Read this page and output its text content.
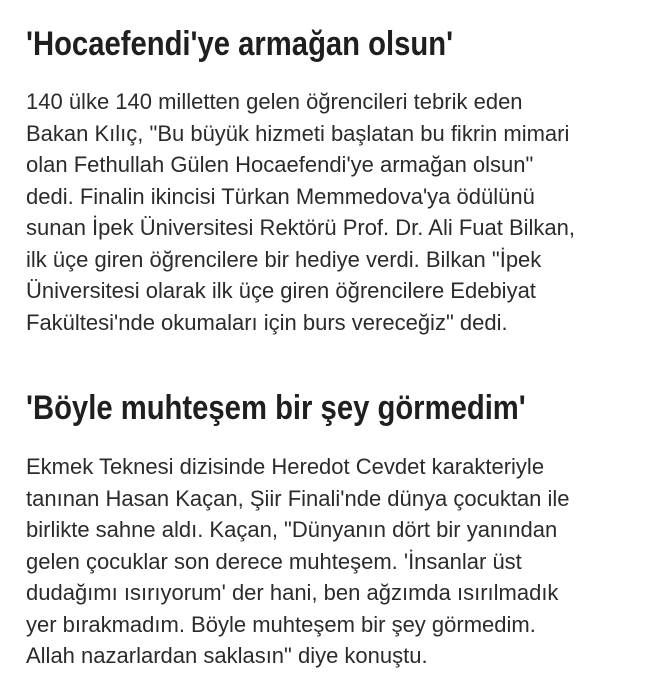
'Hocaefendi'ye armağan olsun'

140 ülke 140 milletten gelen öğrencileri tebrik eden
Bakan Kılıç, "Bu büyük hizmeti başlatan bu fikrin mimari
olan Fethullah Gülen Hocaefendi'ye armağan olsun"
dedi. Finalin ikincisi Türkan Memmedova'ya ödülünü
sunan İpek Üniversitesi Rektörü Prof. Dr. Ali Fuat Bilkan,
ilk üçe giren öğrencilere bir hediye verdi. Bilkan "İpek
Üniversitesi olarak ilk üçe giren öğrencilere Edebiyat
Fakültesi'nde okumaları için burs vereceğiz" dedi.

'Böyle muhteşem bir şey görmedim'

Ekmek Teknesi dizisinde Heredot Cevdet karakteriyle
tanınan Hasan Kaçan, Şiir Finali'nde dünya çocuktan ile
birlikte sahne aldı. Kaçan, "Dünyanın dört bir yanından
gelen çocuklar son derece muhteşem. 'İnsanlar üst
dudağımı ısırıyorum' der hani, ben ağzımda ısırılmadık
yer bırakmadım. Böyle muhteşem bir şey görmedim.
Allah nazarlardan saklasın" diye konuştu.
